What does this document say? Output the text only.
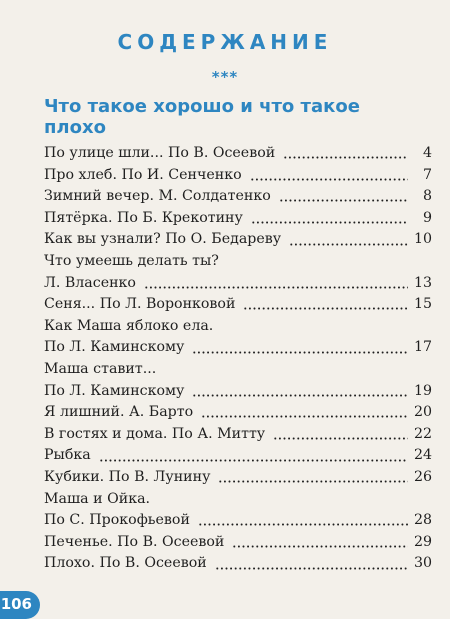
СОДЕРЖАНИЕ
***
Что такое хорошо и что такое плохо
По улице шли... По В. Осеевой	4
Про хлеб. По И. Сенченко	7
Зимний вечер. М. Солдатенко	8
Пятёрка. По Б. Крекотину	9
Как вы узнали? По О. Бедареву	10
Что умеешь делать ты?
Л. Власенко	13
Сеня... По Л. Воронковой	15
Как Маша яблоко ела.
По Л. Каминскому	17
Маша ставит...
По Л. Каминскому	19
Я лишний. А. Барто	20
В гостях и дома. По А. Митту	22
Рыбка	24
Кубики. По В. Лунину	26
Маша и Ойка.
По С. Прокофьевой	28
Печенье. По В. Осеевой	29
Плохо. По В. Осеевой	30
106
